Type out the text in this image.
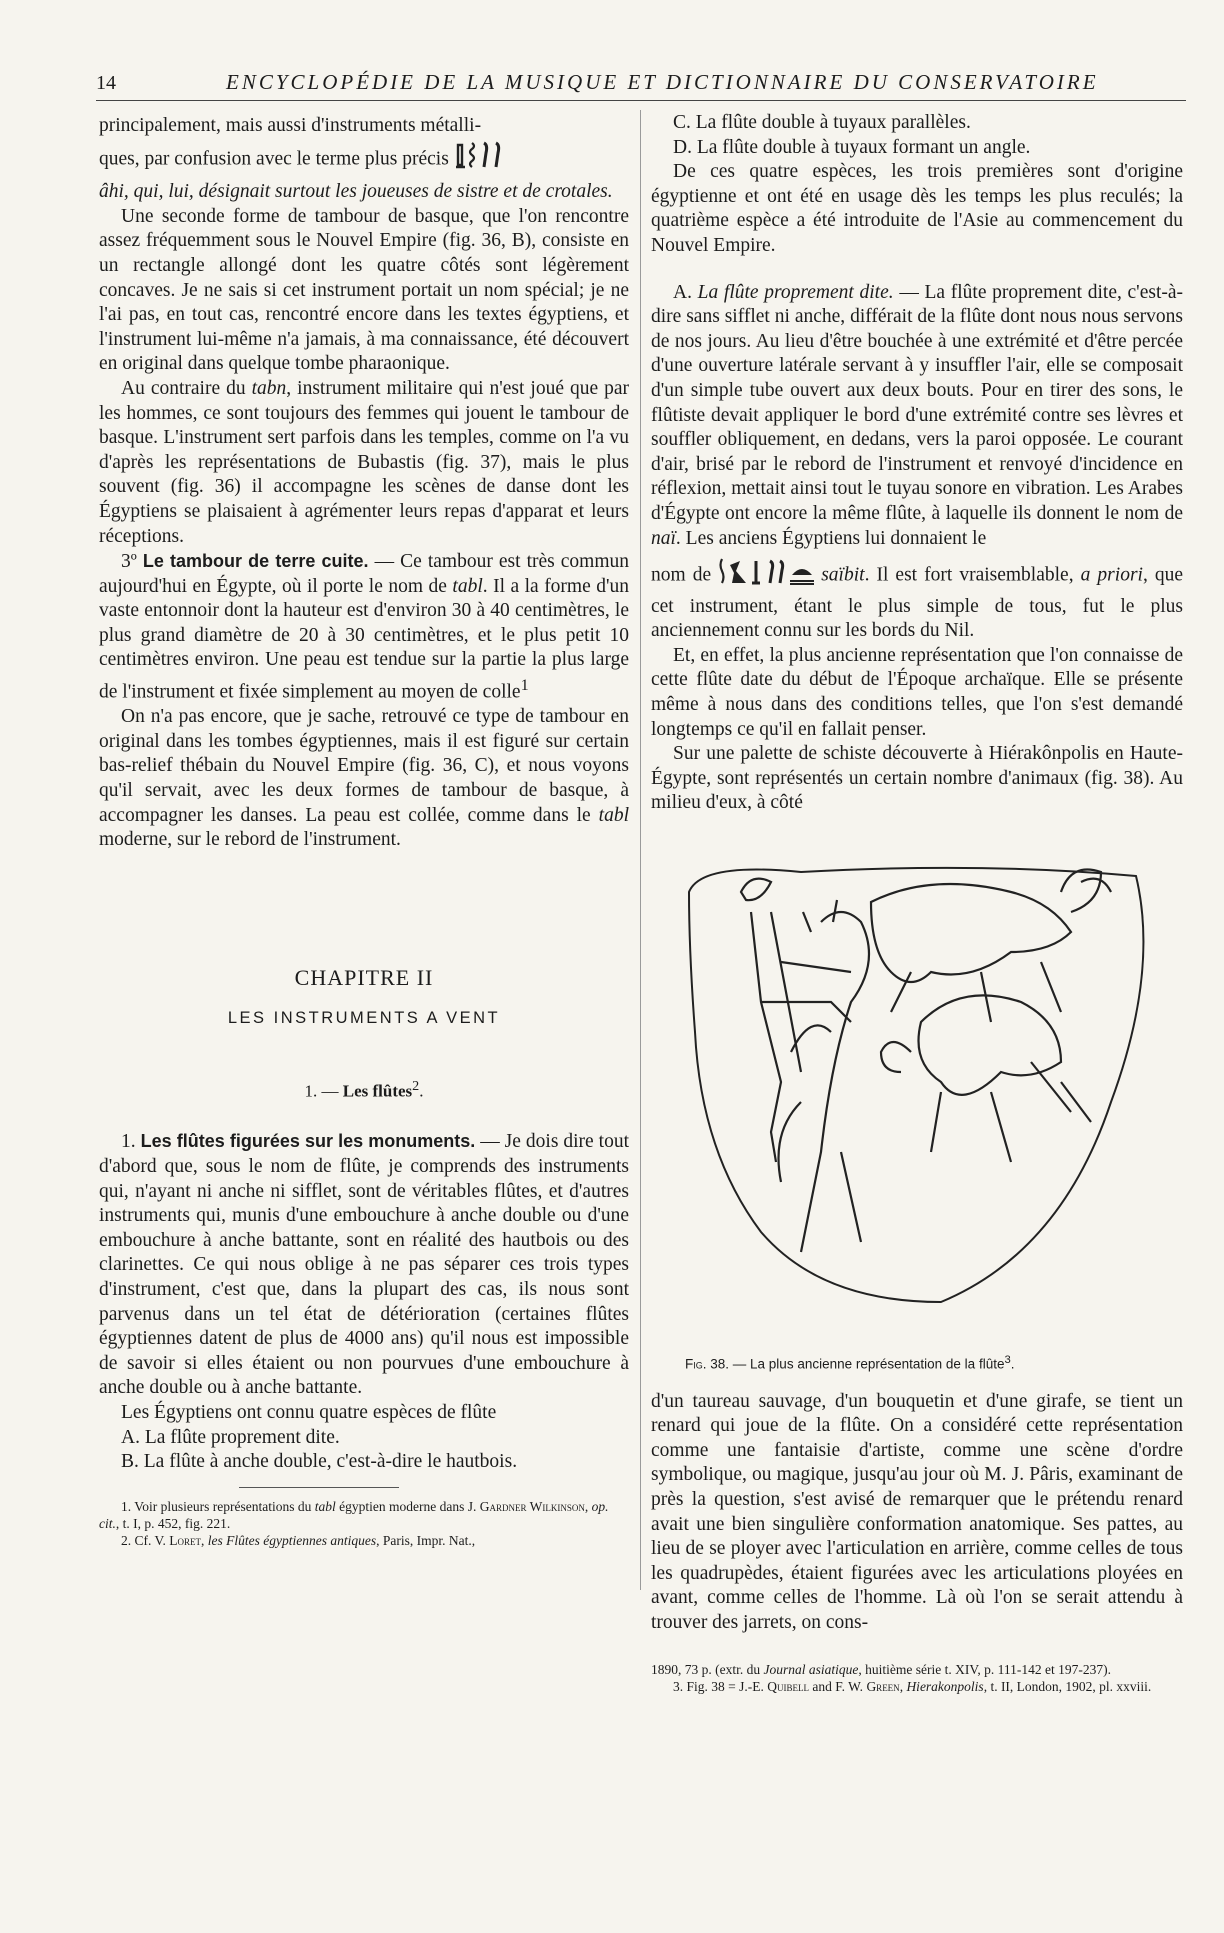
14	ENCYCLOPÉDIE DE LA MUSIQUE ET DICTIONNAIRE DU CONSERVATOIRE

principalement, mais aussi d'instruments métalli-

ques, par confusion avec le terme plus précis

âhi, qui, lui, désignait surtout les joueuses de sistre et de crotales.

Une seconde forme de tambour de basque, que l'on rencontre assez fréquemment sous le Nouvel Empire (fig. 36, B), consiste en un rectangle allongé dont les quatre côtés sont légèrement concaves. Je ne sais si cet instrument portait un nom spécial; je ne l'ai pas, en tout cas, rencontré encore dans les textes égyptiens, et l'instrument lui-même n'a jamais, à ma connaissance, été découvert en original dans quelque tombe pharaonique.

Au contraire du tabn, instrument militaire qui n'est joué que par les hommes, ce sont toujours des femmes qui jouent le tambour de basque. L'instrument sert parfois dans les temples, comme on l'a vu d'après les représentations de Bubastis (fig. 37), mais le plus souvent (fig. 36) il accompagne les scènes de danse dont les Égyptiens se plaisaient à agrémenter leurs repas d'apparat et leurs réceptions.

3º Le tambour de terre cuite. — Ce tambour est très commun aujourd'hui en Égypte, où il porte le nom de tabl. Il a la forme d'un vaste entonnoir dont la hauteur est d'environ 30 à 40 centimètres, le plus grand diamètre de 20 à 30 centimètres, et le plus petit 10 centimètres environ. Une peau est tendue sur la partie la plus large de l'instrument et fixée simplement au moyen de colle$^1$

On n'a pas encore, que je sache, retrouvé ce type de tambour en original dans les tombes égyptiennes, mais il est figuré sur certain bas-relief thébain du Nouvel Empire (fig. 36, C), et nous voyons qu'il servait, avec les deux formes de tambour de basque, à accompagner les danses. La peau est collée, comme dans le tabl moderne, sur le rebord de l'instrument.

CHAPITRE II
LES INSTRUMENTS A VENT
1. — Les flûtes$^2$.

1. Les flûtes figurées sur les monuments. — Je dois dire tout d'abord que, sous le nom de flûte, je comprends des instruments qui, n'ayant ni anche ni sifflet, sont de véritables flûtes, et d'autres instruments qui, munis d'une embouchure à anche double ou d'une embouchure à anche battante, sont en réalité des hautbois ou des clarinettes. Ce qui nous oblige à ne pas séparer ces trois types d'instrument, c'est que, dans la plupart des cas, ils nous sont parvenus dans un tel état de détérioration (certaines flûtes égyptiennes datent de plus de 4000 ans) qu'il nous est impossible de savoir si elles étaient ou non pourvues d'une embouchure à anche double ou à anche battante.

Les Égyptiens ont connu quatre espèces de flûte

A. La flûte proprement dite.

B. La flûte à anche double, c'est-à-dire le hautbois.

1. Voir plusieurs représentations du tabl égyptien moderne dans J. Gardner Wilkinson, op. cit., t. I, p. 452, fig. 221.

2. Cf. V. Loret, les Flûtes égyptiennes antiques, Paris, Impr. Nat.,

C. La flûte double à tuyaux parallèles.

D. La flûte double à tuyaux formant un angle.

De ces quatre espèces, les trois premières sont d'origine égyptienne et ont été en usage dès les temps les plus reculés; la quatrième espèce a été introduite de l'Asie au commencement du Nouvel Empire.

A. La flûte proprement dite. — La flûte proprement dite, c'est-à-dire sans sifflet ni anche, différait de la flûte dont nous nous servons de nos jours. Au lieu d'être bouchée à une extrémité et d'être percée d'une ouverture latérale servant à y insuffler l'air, elle se composait d'un simple tube ouvert aux deux bouts. Pour en tirer des sons, le flûtiste devait appliquer le bord d'une extrémité contre ses lèvres et souffler obliquement, en dedans, vers la paroi opposée. Le courant d'air, brisé par le rebord de l'instrument et renvoyé d'incidence en réflexion, mettait ainsi tout le tuyau sonore en vibration. Les Arabes d'Égypte ont encore la même flûte, à laquelle ils donnent le nom de naï. Les anciens Égyptiens lui donnaient le

nom de	saïbit. Il est fort vraisemblable, a priori, que cet instrument, étant le plus simple de tous, fut le plus anciennement connu sur les bords du Nil.

Et, en effet, la plus ancienne représentation que l'on connaisse de cette flûte date du début de l'Époque archaïque. Elle se présente même à nous dans des conditions telles, que l'on s'est demandé longtemps ce qu'il en fallait penser.

Sur une palette de schiste découverte à Hiérakônpolis en Haute-Égypte, sont représentés un certain nombre d'animaux (fig. 38). Au milieu d'eux, à côté

Fig. 38. — La plus ancienne représentation de la flûte$^3$.

d'un taureau sauvage, d'un bouquetin et d'une girafe, se tient un renard qui joue de la flûte. On a considéré cette représentation comme une fantaisie d'artiste, comme une scène d'ordre symbolique, ou magique, jusqu'au jour où M. J. Pâris, examinant de près la question, s'est avisé de remarquer que le prétendu renard avait une bien singulière conformation anatomique. Ses pattes, au lieu de se ployer avec l'articulation en arrière, comme celles de tous les quadrupèdes, étaient figurées avec les articulations ployées en avant, comme celles de l'homme. Là où l'on se serait attendu à trouver des jarrets, on cons-

1890, 73 p. (extr. du Journal asiatique, huitième série t. XIV, p. 111-142 et 197-237).

3. Fig. 38 = J.-E. Quibell and F. W. Green, Hierakonpolis, t. II, London, 1902, pl. xxviii.
